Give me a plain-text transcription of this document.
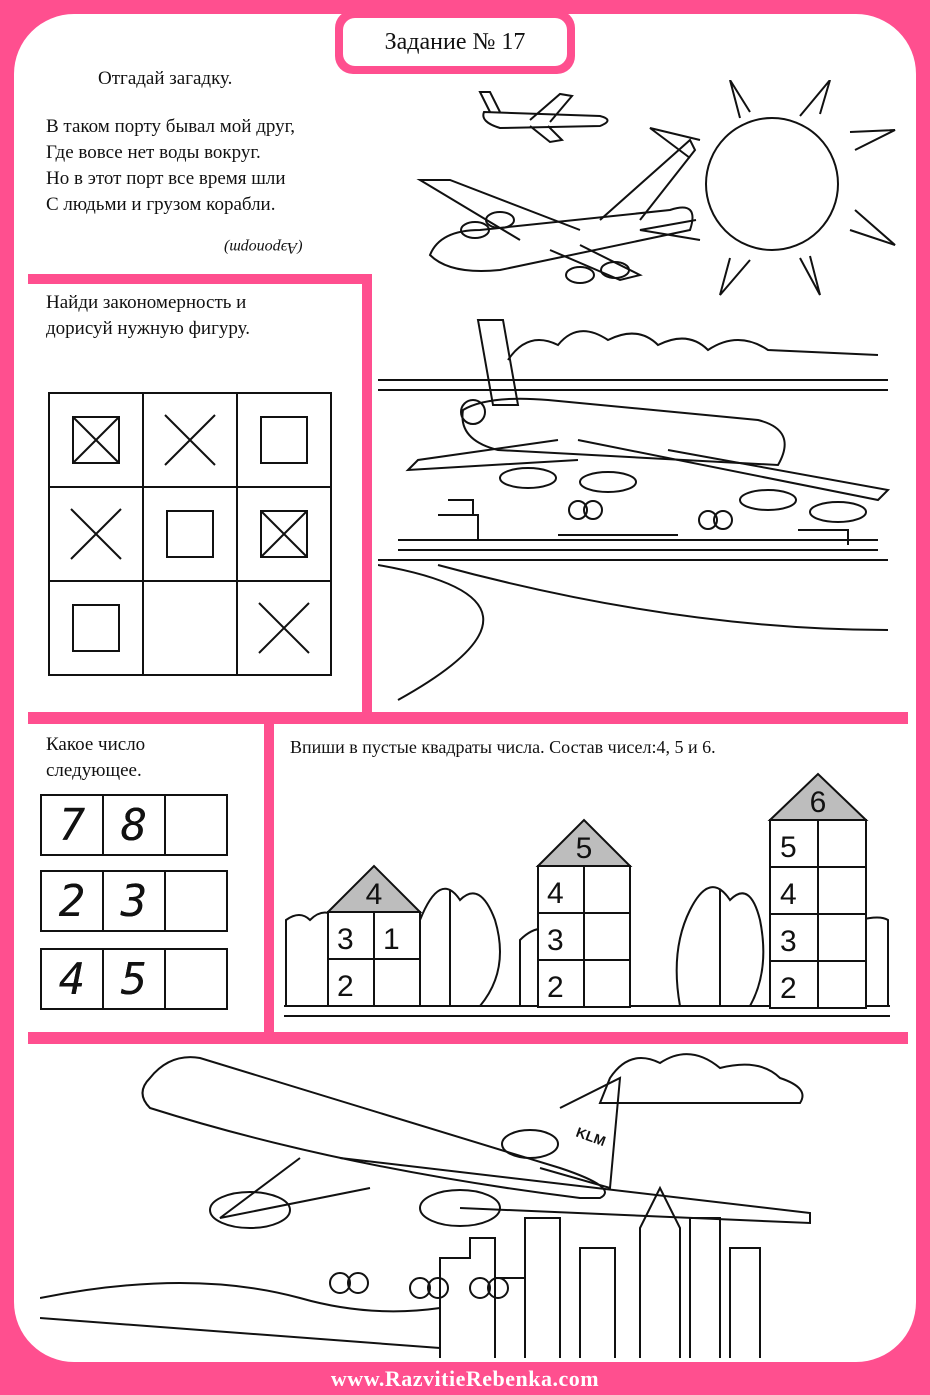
Задание № 17
Отгадай загадку.
В таком порту бывал мой друг,
Где вовсе нет воды вокруг.
Но в этот порт все время шли
С людьми и грузом корабли.
(Аэропорт)
Найди закономерность и
дорисуй нужную фигуру.
Какое число
следующее.
7 8
2 3
4 5
Впиши в пустые квадраты числа. Состав чисел:4, 5 и 6.
4
3 1
2
5
4
3
2
6
5
4
3
2
KLM
www.RazvitieRebenka.com
